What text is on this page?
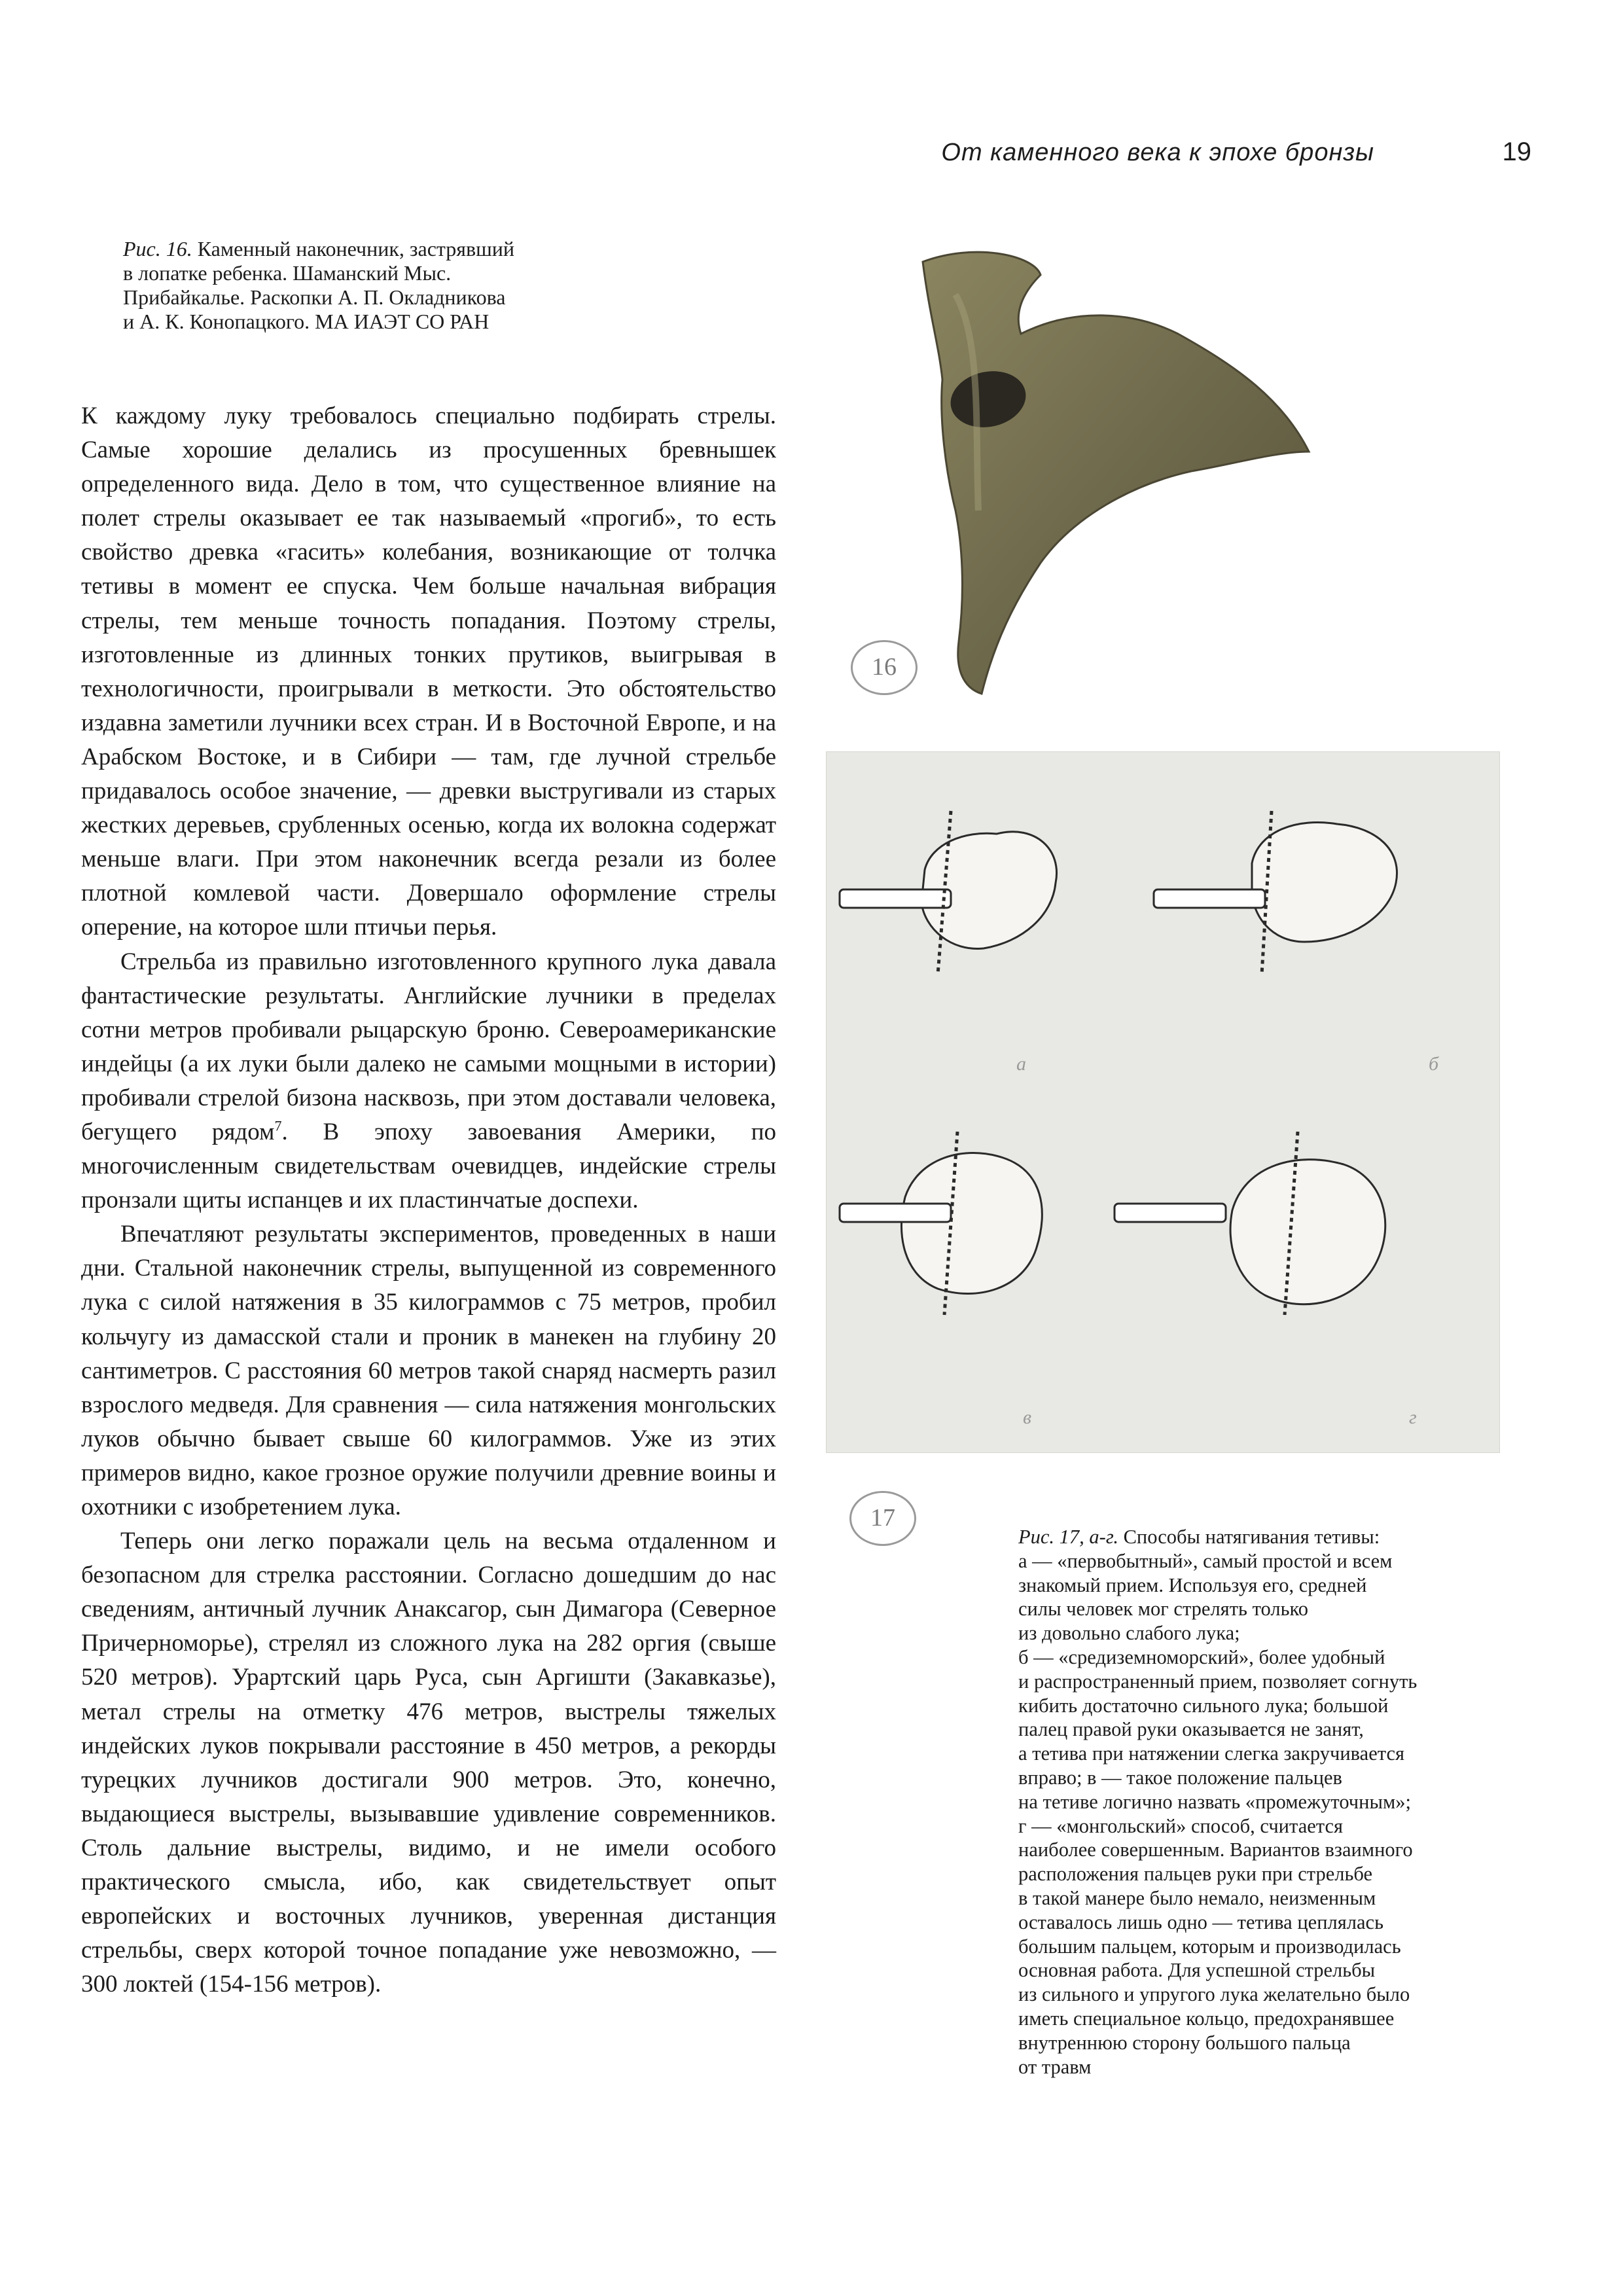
От каменного века к эпохе бронзы	19
Рис. 16. Каменный наконечник, застрявший
в лопатке ребенка. Шаманский Мыс.
Прибайкалье. Раскопки А. П. Окладникова
и А. К. Конопацкого. МА ИАЭТ СО РАН

К каждому луку требовалось специально подбирать стрелы. Самые хорошие делались из просушенных бревнышек определенного вида. Дело в том, что существенное влияние на полет стрелы оказывает ее так называемый «прогиб», то есть свойство древка «гасить» колебания, возникающие от толчка тетивы в момент ее спуска. Чем больше начальная вибрация стрелы, тем меньше точность попадания. Поэтому стрелы, изготовленные из длинных тонких прутиков, выигрывая в технологичности, проигрывали в меткости. Это обстоятельство издавна заметили лучники всех стран. И в Восточной Европе, и на Арабском Востоке, и в Сибири — там, где лучной стрельбе придавалось особое значение, — древки выстругивали из старых жестких деревьев, срубленных осенью, когда их волокна содержат меньше влаги. При этом наконечник всегда резали из более плотной комлевой части. Довершало оформление стрелы оперение, на которое шли птичьи перья.

Стрельба из правильно изготовленного крупного лука давала фантастические результаты. Английские лучники в пределах сотни метров пробивали рыцарскую броню. Североамериканские индейцы (а их луки были далеко не самыми мощными в истории) пробивали стрелой бизона насквозь, при этом доставали человека, бегущего рядом$^7$. В эпоху завоевания Америки, по многочисленным свидетельствам очевидцев, индейские стрелы пронзали щиты испанцев и их пластинчатые доспехи.

Впечатляют результаты экспериментов, проведенных в наши дни. Стальной наконечник стрелы, выпущенной из современного лука с силой натяжения в 35 килограммов с 75 метров, пробил кольчугу из дамасской стали и проник в манекен на глубину 20 сантиметров. С расстояния 60 метров такой снаряд насмерть разил взрослого медведя. Для сравнения — сила натяжения монгольских луков обычно бывает свыше 60 килограммов. Уже из этих примеров видно, какое грозное оружие получили древние воины и охотники с изобретением лука.

Теперь они легко поражали цель на весьма отдаленном и безопасном для стрелка расстоянии. Согласно дошедшим до нас сведениям, античный лучник Анаксагор, сын Димагора (Северное Причерноморье), стрелял из сложного лука на 282 оргия (свыше 520 метров). Урартский царь Руса, сын Аргишти (Закавказье), метал стрелы на отметку 476 метров, выстрелы тяжелых индейских луков покрывали расстояние в 450 метров, а рекорды турецких лучников достигали 900 метров. Это, конечно, выдающиеся выстрелы, вызывавшие удивление современников. Столь дальние выстрелы, видимо, и не имели особого практического смысла, ибо, как свидетельствует опыт европейских и восточных лучников, уверенная дистанция стрельбы, сверх которой точное попадание уже невозможно, — 300 локтей (154-156 метров).

16
а	б
в	г
17
Рис. 17, а-г. Способы натягивания тетивы:
а — «первобытный», самый простой и всем
знакомый прием. Используя его, средней
силы человек мог стрелять только
из довольно слабого лука;
б — «средиземноморский», более удобный
и распространенный прием, позволяет согнуть
кибить достаточно сильного лука; большой
палец правой руки оказывается не занят,
а тетива при натяжении слегка закручивается
вправо; в — такое положение пальцев
на тетиве логично назвать «промежуточным»;
г — «монгольский» способ, считается
наиболее совершенным. Вариантов взаимного
расположения пальцев руки при стрельбе
в такой манере было немало, неизменным
оставалось лишь одно — тетива цеплялась
большим пальцем, которым и производилась
основная работа. Для успешной стрельбы
из сильного и упругого лука желательно было
иметь специальное кольцо, предохранявшее
внутреннюю сторону большого пальца
от травм
